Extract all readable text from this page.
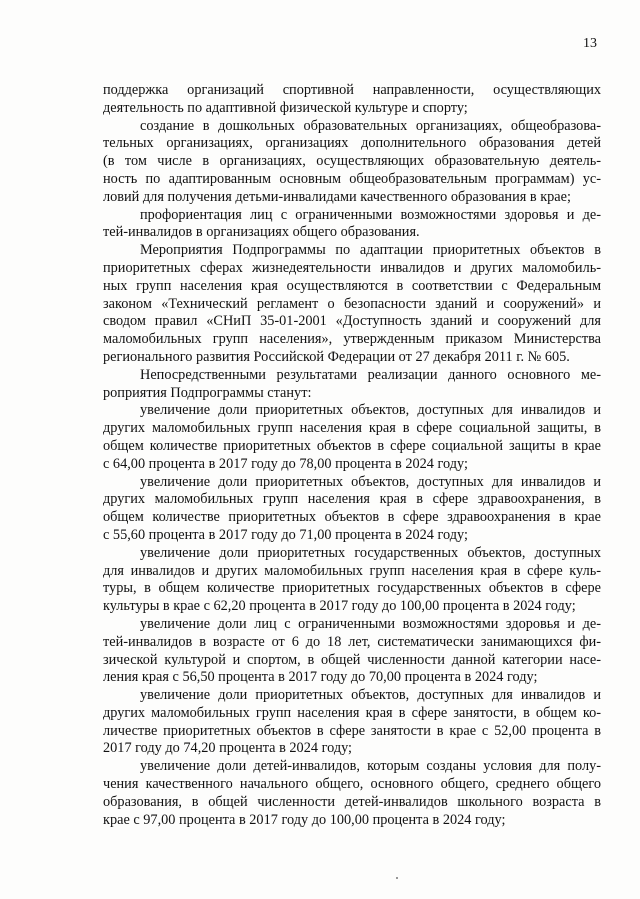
13
поддержка организаций спортивной направленности, осуществляющих
деятельность по адаптивной физической культуре и спорту;
создание в дошкольных образовательных организациях, общеобразова-
тельных организациях, организациях дополнительного образования детей
(в том числе в организациях, осуществляющих образовательную деятель-
ность по адаптированным основным общеобразовательным программам) ус-
ловий для получения детьми-инвалидами качественного образования в крае;
профориентация лиц с ограниченными возможностями здоровья и де-
тей-инвалидов в организациях общего образования.
Мероприятия Подпрограммы по адаптации приоритетных объектов в
приоритетных сферах жизнедеятельности инвалидов и других маломобиль-
ных групп населения края осуществляются в соответствии с Федеральным
законом «Технический регламент о безопасности зданий и сооружений» и
сводом правил «СНиП 35-01-2001 «Доступность зданий и сооружений для
маломобильных групп населения», утвержденным приказом Министерства
регионального развития Российской Федерации от 27 декабря 2011 г. № 605.
Непосредственными результатами реализации данного основного ме-
роприятия Подпрограммы станут:
увеличение доли приоритетных объектов, доступных для инвалидов и
других маломобильных групп населения края в сфере социальной защиты, в
общем количестве приоритетных объектов в сфере социальной защиты в крае
с 64,00 процента в 2017 году до 78,00 процента в 2024 году;
увеличение доли приоритетных объектов, доступных для инвалидов и
других маломобильных групп населения края в сфере здравоохранения, в
общем количестве приоритетных объектов в сфере здравоохранения в крае
с 55,60 процента в 2017 году до 71,00 процента в 2024 году;
увеличение доли приоритетных государственных объектов, доступных
для инвалидов и других маломобильных групп населения края в сфере куль-
туры, в общем количестве приоритетных государственных объектов в сфере
культуры в крае с 62,20 процента в 2017 году до 100,00 процента в 2024 году;
увеличение доли лиц с ограниченными возможностями здоровья и де-
тей-инвалидов в возрасте от 6 до 18 лет, систематически занимающихся фи-
зической культурой и спортом, в общей численности данной категории насе-
ления края с 56,50 процента в 2017 году до 70,00 процента в 2024 году;
увеличение доли приоритетных объектов, доступных для инвалидов и
других маломобильных групп населения края в сфере занятости, в общем ко-
личестве приоритетных объектов в сфере занятости в крае с 52,00 процента в
2017 году до 74,20 процента в 2024 году;
увеличение доли детей-инвалидов, которым созданы условия для полу-
чения качественного начального общего, основного общего, среднего общего
образования, в общей численности детей-инвалидов школьного возраста в
крае с 97,00 процента в 2017 году до 100,00 процента в 2024 году;
